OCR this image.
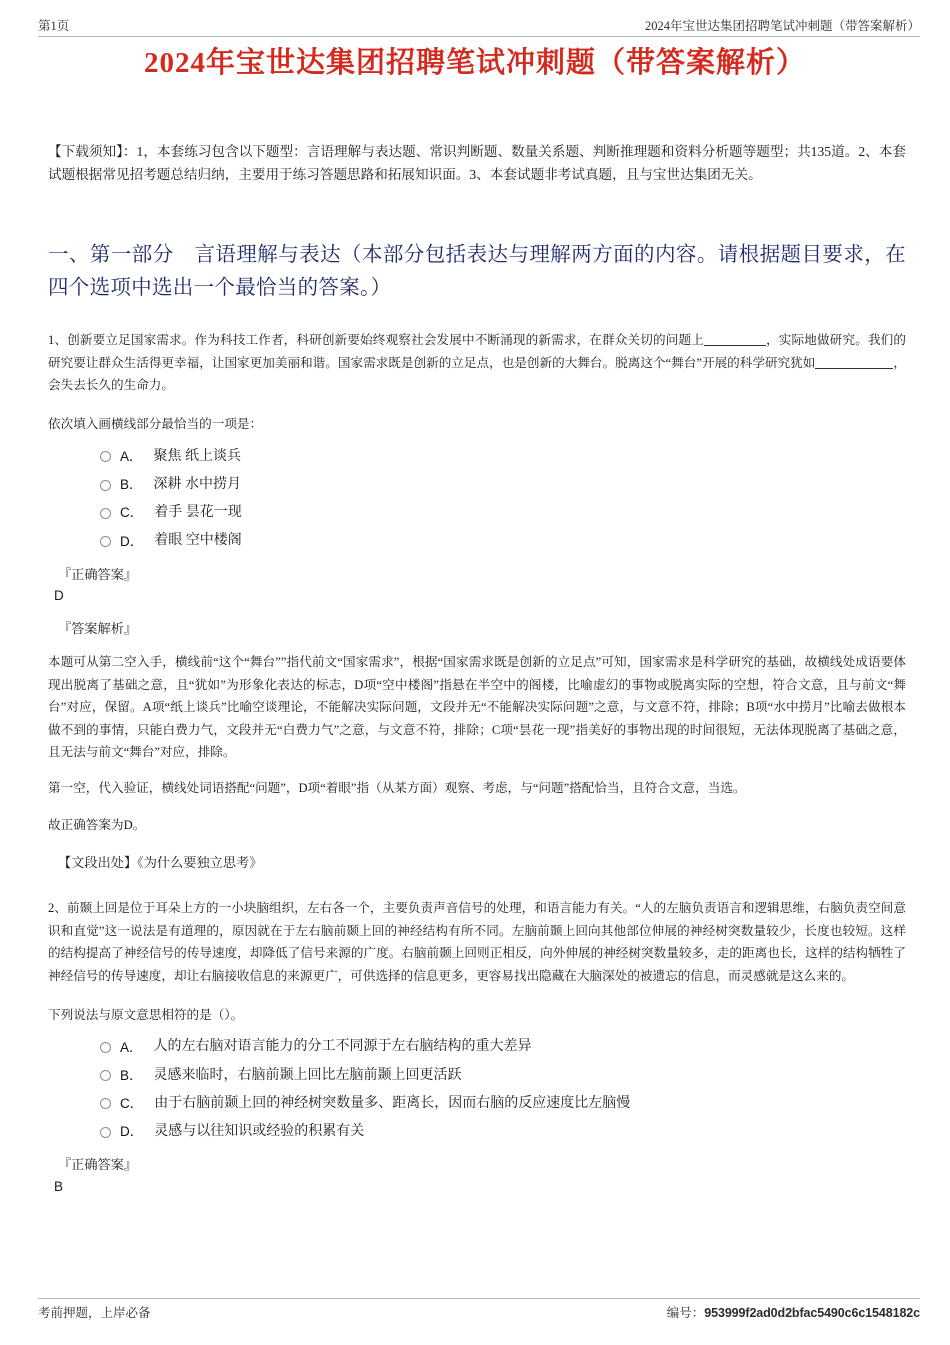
第1页	2024年宝世达集团招聘笔试冲刺题（带答案解析）
2024年宝世达集团招聘笔试冲刺题（带答案解析）

【下载须知】：1，本套练习包含以下题型：言语理解与表达题、常识判断题、数量关系题、判断推理题和资料分析题等题型；共135道。2、本套试题根据常见招考题总结归纳，主要用于练习答题思路和拓展知识面。3、本套试题非考试真题，且与宝世达集团无关。

一、第一部分　言语理解与表达（本部分包括表达与理解两方面的内容。请根据题目要求，在四个选项中选出一个最恰当的答案。）

1、创新要立足国家需求。作为科技工作者，科研创新要始终观察社会发展中不断涌现的新需求，在群众关切的问题上	，实际地做研究。我们的研究要让群众生活得更幸福，让国家更加美丽和谐。国家需求既是创新的立足点，也是创新的大舞台。脱离这个“舞台”开展的科学研究犹如	，会失去长久的生命力。

依次填入画横线部分最恰当的一项是：

A． 聚焦 纸上谈兵
B． 深耕 水中捞月
C． 着手 昙花一现
D． 着眼 空中楼阁

『正确答案』

D

『答案解析』

本题可从第二空入手，横线前“这个“舞台””指代前文“国家需求”，根据“国家需求既是创新的立足点”可知，国家需求是科学研究的基础，故横线处成语要体现出脱离了基础之意，且“犹如”为形象化表达的标志，D项“空中楼阁”指悬在半空中的阁楼，比喻虚幻的事物或脱离实际的空想，符合文意，且与前文“舞台”对应，保留。A项“纸上谈兵”比喻空谈理论，不能解决实际问题，文段并无“不能解决实际问题”之意，与文意不符，排除；B项“水中捞月”比喻去做根本做不到的事情，只能白费力气，文段并无“白费力气”之意，与文意不符，排除；C项“昙花一现”指美好的事物出现的时间很短，无法体现脱离了基础之意，且无法与前文“舞台”对应，排除。

第一空，代入验证，横线处词语搭配“问题”，D项“着眼”指（从某方面）观察、考虑，与“问题”搭配恰当，且符合文意，当选。

故正确答案为D。

【文段出处】《为什么要独立思考》

2、前颞上回是位于耳朵上方的一小块脑组织，左右各一个，主要负责声音信号的处理，和语言能力有关。“人的左脑负责语言和逻辑思维，右脑负责空间意识和直觉”这一说法是有道理的，原因就在于左右脑前颞上回的神经结构有所不同。左脑前颞上回向其他部位伸展的神经树突数量较少，长度也较短。这样的结构提高了神经信号的传导速度，却降低了信号来源的广度。右脑前颞上回则正相反，向外伸展的神经树突数量较多，走的距离也长，这样的结构牺牲了神经信号的传导速度，却让右脑接收信息的来源更广，可供选择的信息更多，更容易找出隐藏在大脑深处的被遗忘的信息，而灵感就是这么来的。

下列说法与原文意思相符的是（）。

A． 人的左右脑对语言能力的分工不同源于左右脑结构的重大差异
B． 灵感来临时，右脑前颞上回比左脑前颞上回更活跃
C． 由于右脑前颞上回的神经树突数量多、距离长，因而右脑的反应速度比左脑慢
D． 灵感与以往知识或经验的积累有关

『正确答案』

B

考前押题，上岸必备	编号：953999f2ad0d2bfac5490c6c1548182c
